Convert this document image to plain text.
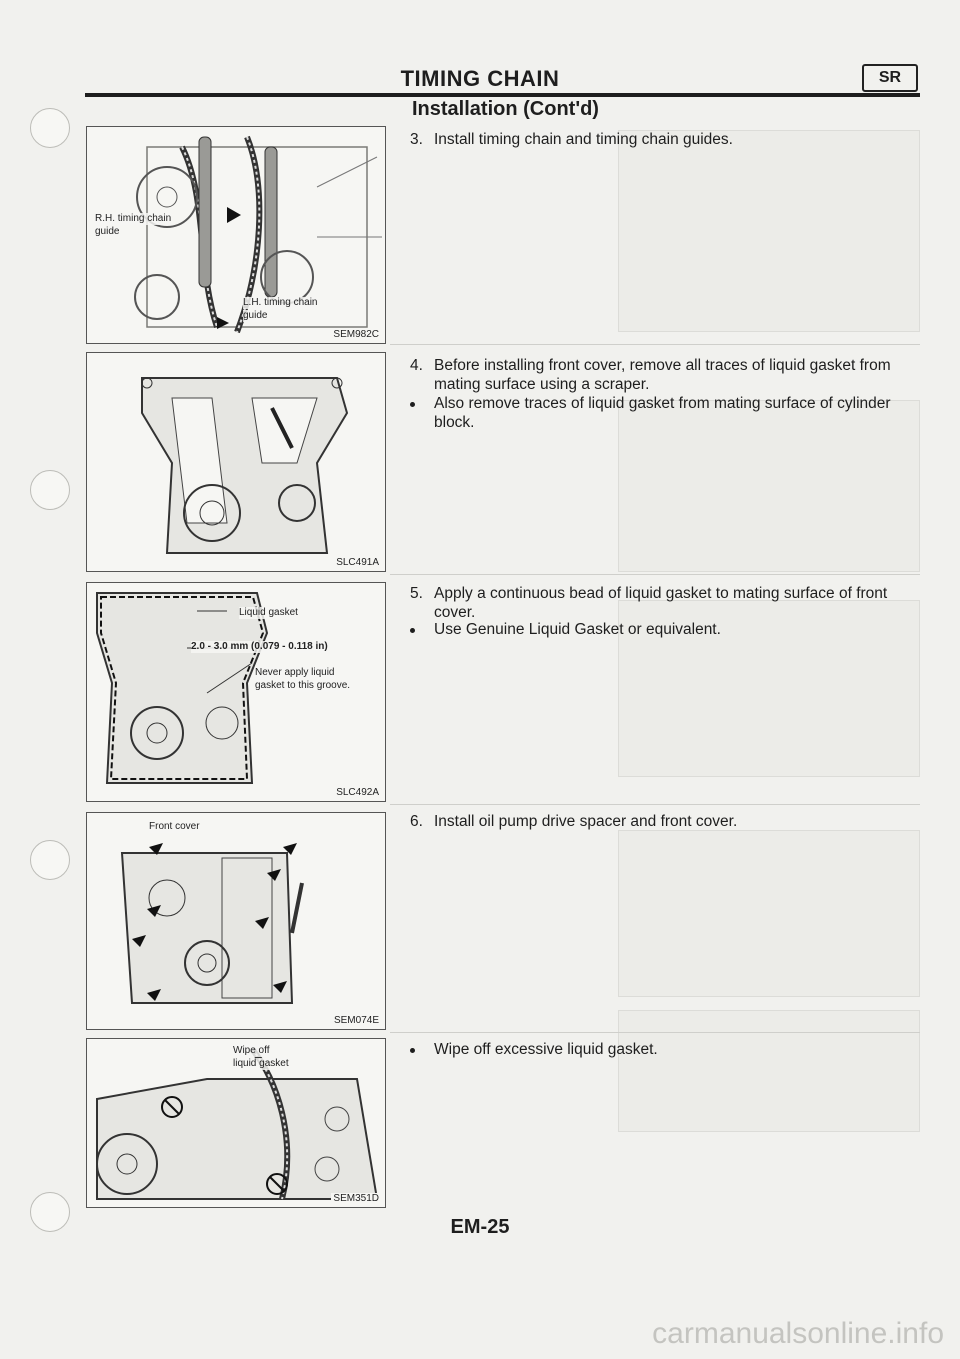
TIMING CHAIN	SR
Installation (Cont'd)
R.H. timing chain
guide
L.H. timing chain
guide
SEM982C
SLC491A
Liquid gasket
2.0 - 3.0 mm (0.079 - 0.118 in)
Never apply liquid
gasket to this groove.
SLC492A
Front cover
SEM074E
Wipe off
liquid gasket
SEM351D
3. Install timing chain and timing chain guides.
4. Before installing front cover, remove all traces of liquid gasket from mating surface using a scraper.
Also remove traces of liquid gasket from mating surface of cylinder block.
5. Apply a continuous bead of liquid gasket to mating surface of front cover.
Use Genuine Liquid Gasket or equivalent.
6. Install oil pump drive spacer and front cover.
Wipe off excessive liquid gasket.
EM-25
carmanualsonline.info
